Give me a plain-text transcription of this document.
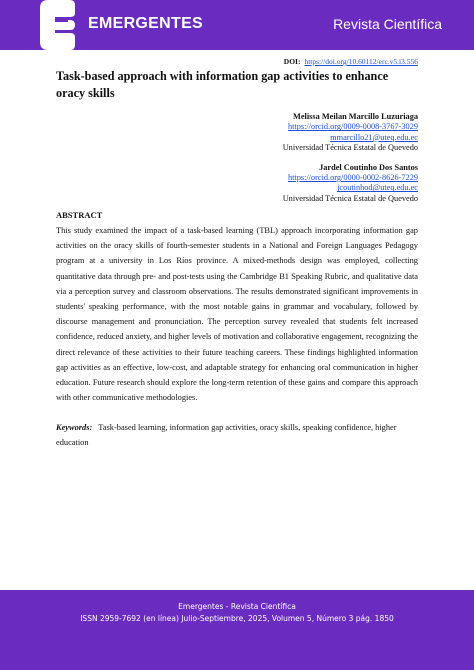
EMERGENTES	Revista Científica
DOI: https://doi.org/10.60112/erc.v5.i3.556
Task-based approach with information gap activities to enhance oracy skills
Melissa Meilan Marcillo Luzuriaga
https://orcid.org/0009-0008-3767-3029
mmarcillo21@uteq.edu.ec
Universidad Técnica Estatal de Quevedo
Jardel Coutinho Dos Santos
https://orcid.org/0000-0002-8626-7229
jcoutinhod@uteq.edu.ec
Universidad Técnica Estatal de Quevedo
ABSTRACT
This study examined the impact of a task-based learning (TBL) approach incorporating information gap activities on the oracy skills of fourth-semester students in a National and Foreign Languages Pedagogy program at a university in Los Ríos province. A mixed-methods design was employed, collecting quantitative data through pre- and post-tests using the Cambridge B1 Speaking Rubric, and qualitative data via a perception survey and classroom observations. The results demonstrated significant improvements in students' speaking performance, with the most notable gains in grammar and vocabulary, followed by discourse management and pronunciation. The perception survey revealed that students felt increased confidence, reduced anxiety, and higher levels of motivation and collaborative engagement, recognizing the direct relevance of these activities to their future teaching careers. These findings highlighted information gap activities as an effective, low-cost, and adaptable strategy for enhancing oral communication in higher education. Future research should explore the long-term retention of these gains and compare this approach with other communicative methodologies.
Keywords: Task-based learning, information gap activities, oracy skills, speaking confidence, higher education
Emergentes - Revista Científica
ISSN 2959-7692 (en línea) Julio-Septiembre, 2025, Volumen 5, Número 3 pág. 1850
